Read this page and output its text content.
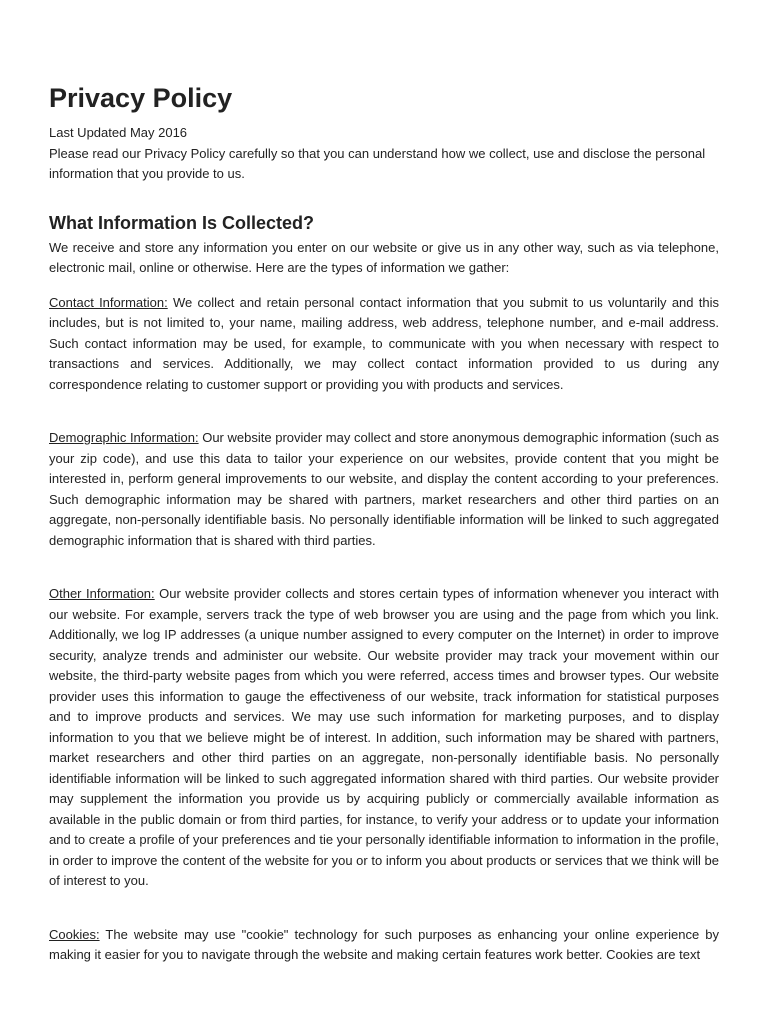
Privacy Policy
Last Updated May 2016
Please read our Privacy Policy carefully so that you can understand how we collect, use and disclose the personal information that you provide to us.
What Information Is Collected?

We receive and store any information you enter on our website or give us in any other way, such as via telephone, electronic mail, online or otherwise. Here are the types of information we gather:

Contact Information: We collect and retain personal contact information that you submit to us voluntarily and this includes, but is not limited to, your name, mailing address, web address, telephone number, and e-mail address. Such contact information may be used, for example, to communicate with you when necessary with respect to transactions and services. Additionally, we may collect contact information provided to us during any correspondence relating to customer support or providing you with products and services.

Demographic Information: Our website provider may collect and store anonymous demographic information (such as your zip code), and use this data to tailor your experience on our websites, provide content that you might be interested in, perform general improvements to our website, and display the content according to your preferences. Such demographic information may be shared with partners, market researchers and other third parties on an aggregate, non-personally identifiable basis. No personally identifiable information will be linked to such aggregated demographic information that is shared with third parties.

Other Information: Our website provider collects and stores certain types of information whenever you interact with our website. For example, servers track the type of web browser you are using and the page from which you link. Additionally, we log IP addresses (a unique number assigned to every computer on the Internet) in order to improve security, analyze trends and administer our website. Our website provider may track your movement within our website, the third-party website pages from which you were referred, access times and browser types. Our website provider uses this information to gauge the effectiveness of our website, track information for statistical purposes and to improve products and services. We may use such information for marketing purposes, and to display information to you that we believe might be of interest. In addition, such information may be shared with partners, market researchers and other third parties on an aggregate, non-personally identifiable basis. No personally identifiable information will be linked to such aggregated information shared with third parties. Our website provider may supplement the information you provide us by acquiring publicly or commercially available information as available in the public domain or from third parties, for instance, to verify your address or to update your information and to create a profile of your preferences and tie your personally identifiable information to information in the profile, in order to improve the content of the website for you or to inform you about products or services that we think will be of interest to you.

Cookies: The website may use "cookie" technology for such purposes as enhancing your online experience by making it easier for you to navigate through the website and making certain features work better. Cookies are text
